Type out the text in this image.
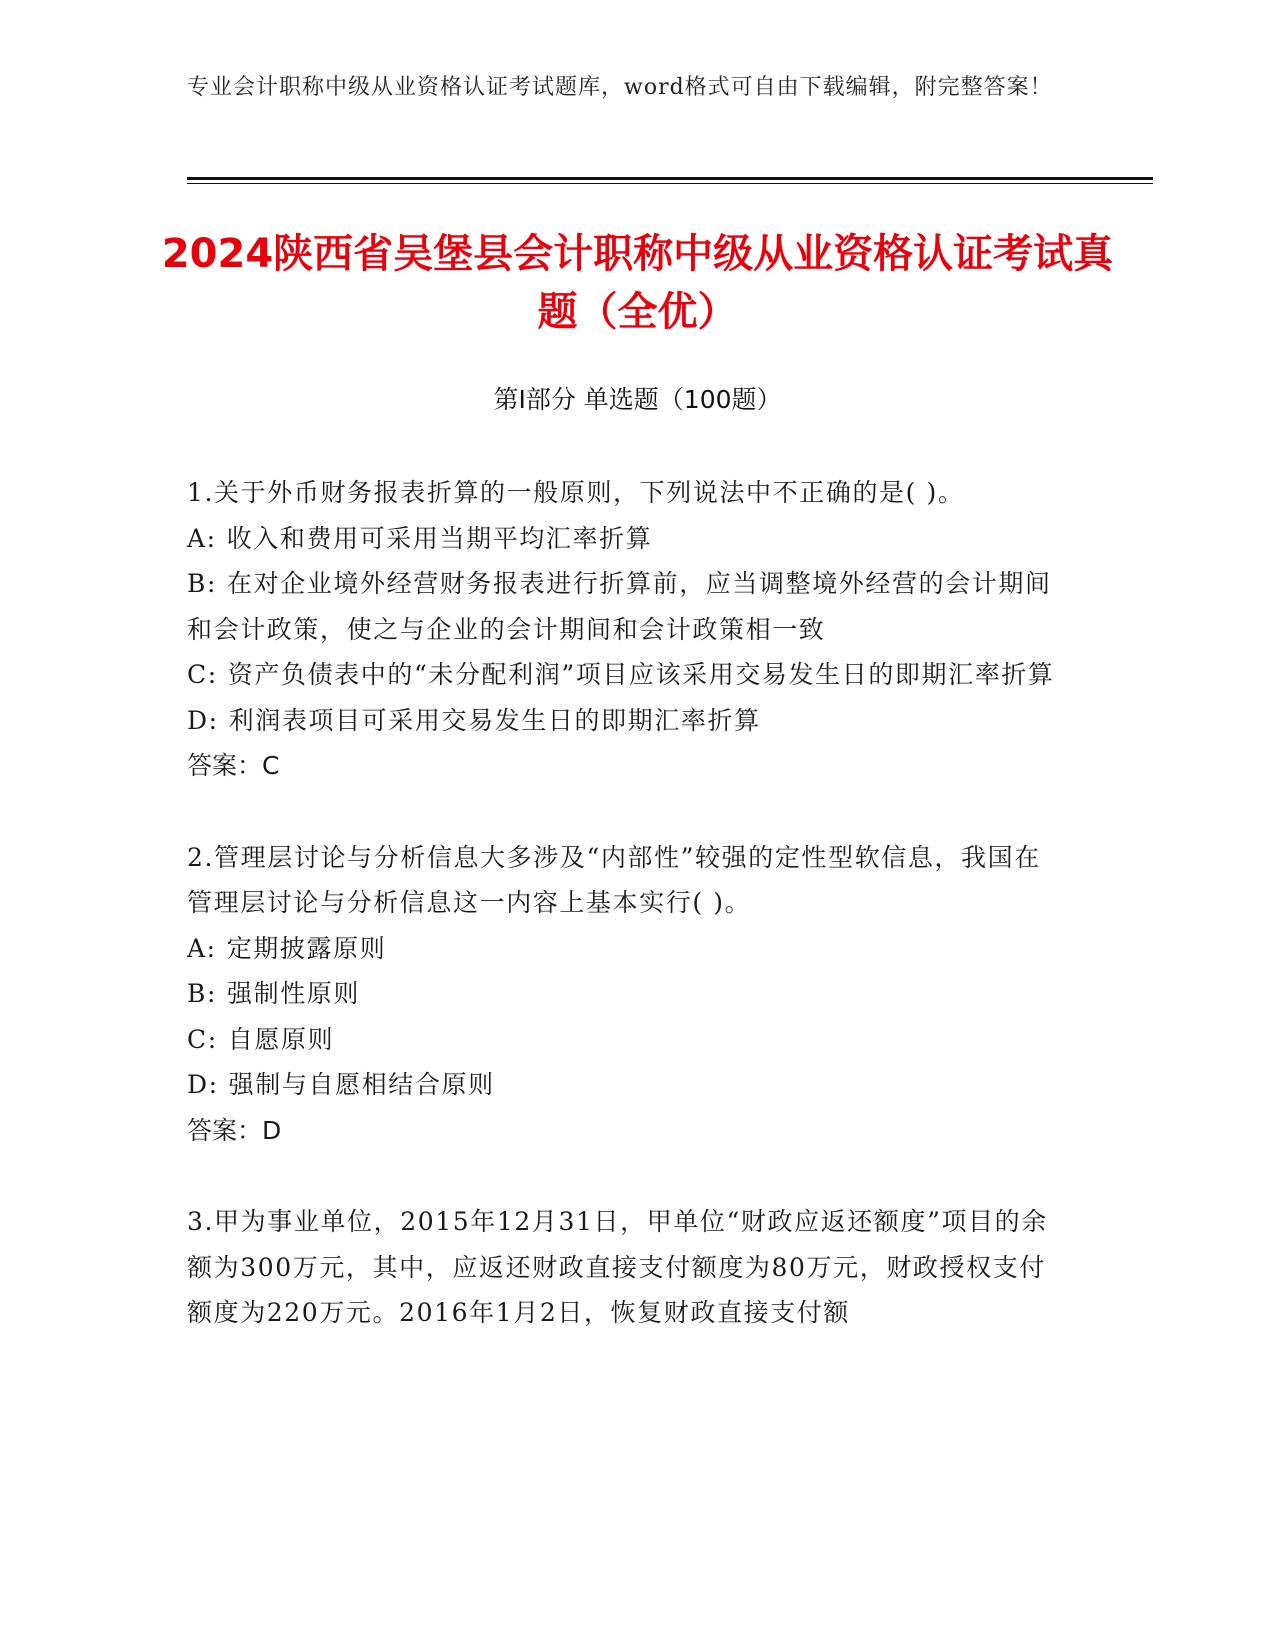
专业会计职称中级从业资格认证考试题库，word格式可自由下载编辑，附完整答案！
2024陕西省吴堡县会计职称中级从业资格认证考试真题（全优）
第Ⅰ部分 单选题（100题）

1.关于外币财务报表折算的一般原则，下列说法中不正确的是( )。

A: 收入和费用可采用当期平均汇率折算

B: 在对企业境外经营财务报表进行折算前，应当调整境外经营的会计期间和会计政策，使之与企业的会计期间和会计政策相一致

C: 资产负债表中的“未分配利润”项目应该采用交易发生日的即期汇率折算

D: 利润表项目可采用交易发生日的即期汇率折算

答案：C

2.管理层讨论与分析信息大多涉及“内部性”较强的定性型软信息，我国在管理层讨论与分析信息这一内容上基本实行( )。

A: 定期披露原则

B: 强制性原则

C: 自愿原则

D: 强制与自愿相结合原则

答案：D

3.甲为事业单位，2015年12月31日，甲单位“财政应返还额度”项目的余额为300万元，其中，应返还财政直接支付额度为80万元，财政授权支付额度为220万元。2016年1月2日，恢复财政直接支付额
